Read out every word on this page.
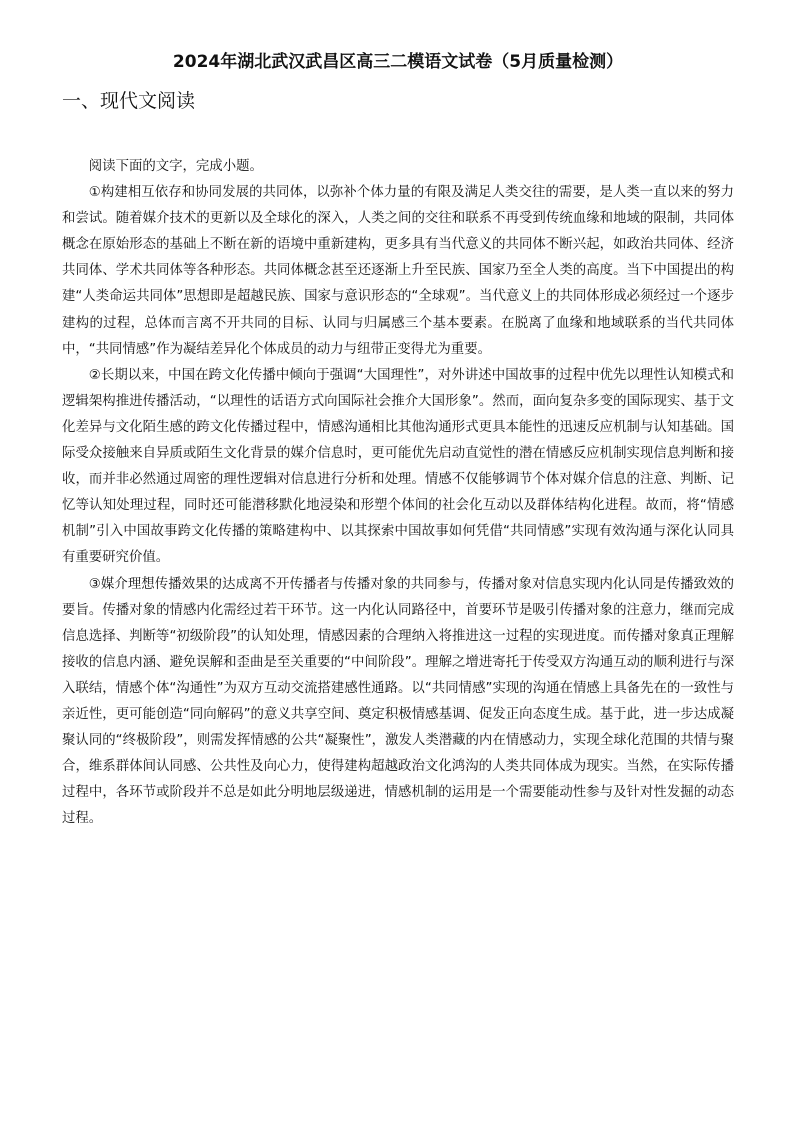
2024年湖北武汉武昌区高三二模语文试卷（5月质量检测）
一、现代文阅读

阅读下面的文字，完成小题。

①构建相互依存和协同发展的共同体，以弥补个体力量的有限及满足人类交往的需要，是人类一直以来的努力和尝试。随着媒介技术的更新以及全球化的深入，人类之间的交往和联系不再受到传统血缘和地域的限制，共同体概念在原始形态的基础上不断在新的语境中重新建构，更多具有当代意义的共同体不断兴起，如政治共同体、经济共同体、学术共同体等各种形态。共同体概念甚至还逐渐上升至民族、国家乃至全人类的高度。当下中国提出的构建“人类命运共同体”思想即是超越民族、国家与意识形态的“全球观”。当代意义上的共同体形成必须经过一个逐步建构的过程，总体而言离不开共同的目标、认同与归属感三个基本要素。在脱离了血缘和地域联系的当代共同体中，“共同情感”作为凝结差异化个体成员的动力与纽带正变得尤为重要。

②长期以来，中国在跨文化传播中倾向于强调“大国理性”，对外讲述中国故事的过程中优先以理性认知模式和逻辑架构推进传播活动，“以理性的话语方式向国际社会推介大国形象”。然而，面向复杂多变的国际现实、基于文化差异与文化陌生感的跨文化传播过程中，情感沟通相比其他沟通形式更具本能性的迅速反应机制与认知基础。国际受众接触来自异质或陌生文化背景的媒介信息时，更可能优先启动直觉性的潜在情感反应机制实现信息判断和接收，而并非必然通过周密的理性逻辑对信息进行分析和处理。情感不仅能够调节个体对媒介信息的注意、判断、记忆等认知处理过程，同时还可能潜移默化地浸染和形塑个体间的社会化互动以及群体结构化进程。故而，将“情感机制”引入中国故事跨文化传播的策略建构中、以其探索中国故事如何凭借“共同情感”实现有效沟通与深化认同具有重要研究价值。

③媒介理想传播效果的达成离不开传播者与传播对象的共同参与，传播对象对信息实现内化认同是传播致效的要旨。传播对象的情感内化需经过若干环节。这一内化认同路径中，首要环节是吸引传播对象的注意力，继而完成信息选择、判断等“初级阶段”的认知处理，情感因素的合理纳入将推进这一过程的实现进度。而传播对象真正理解接收的信息内涵、避免误解和歪曲是至关重要的“中间阶段”。理解之增进寄托于传受双方沟通互动的顺利进行与深入联结，情感个体“沟通性”为双方互动交流搭建感性通路。以“共同情感”实现的沟通在情感上具备先在的一致性与亲近性，更可能创造“同向解码”的意义共享空间、奠定积极情感基调、促发正向态度生成。基于此，进一步达成凝聚认同的“终极阶段”，则需发挥情感的公共“凝聚性”，激发人类潜藏的内在情感动力，实现全球化范围的共情与聚合，维系群体间认同感、公共性及向心力，使得建构超越政治文化鸿沟的人类共同体成为现实。当然，在实际传播过程中，各环节或阶段并不总是如此分明地层级递进，情感机制的运用是一个需要能动性参与及针对性发掘的动态过程。
